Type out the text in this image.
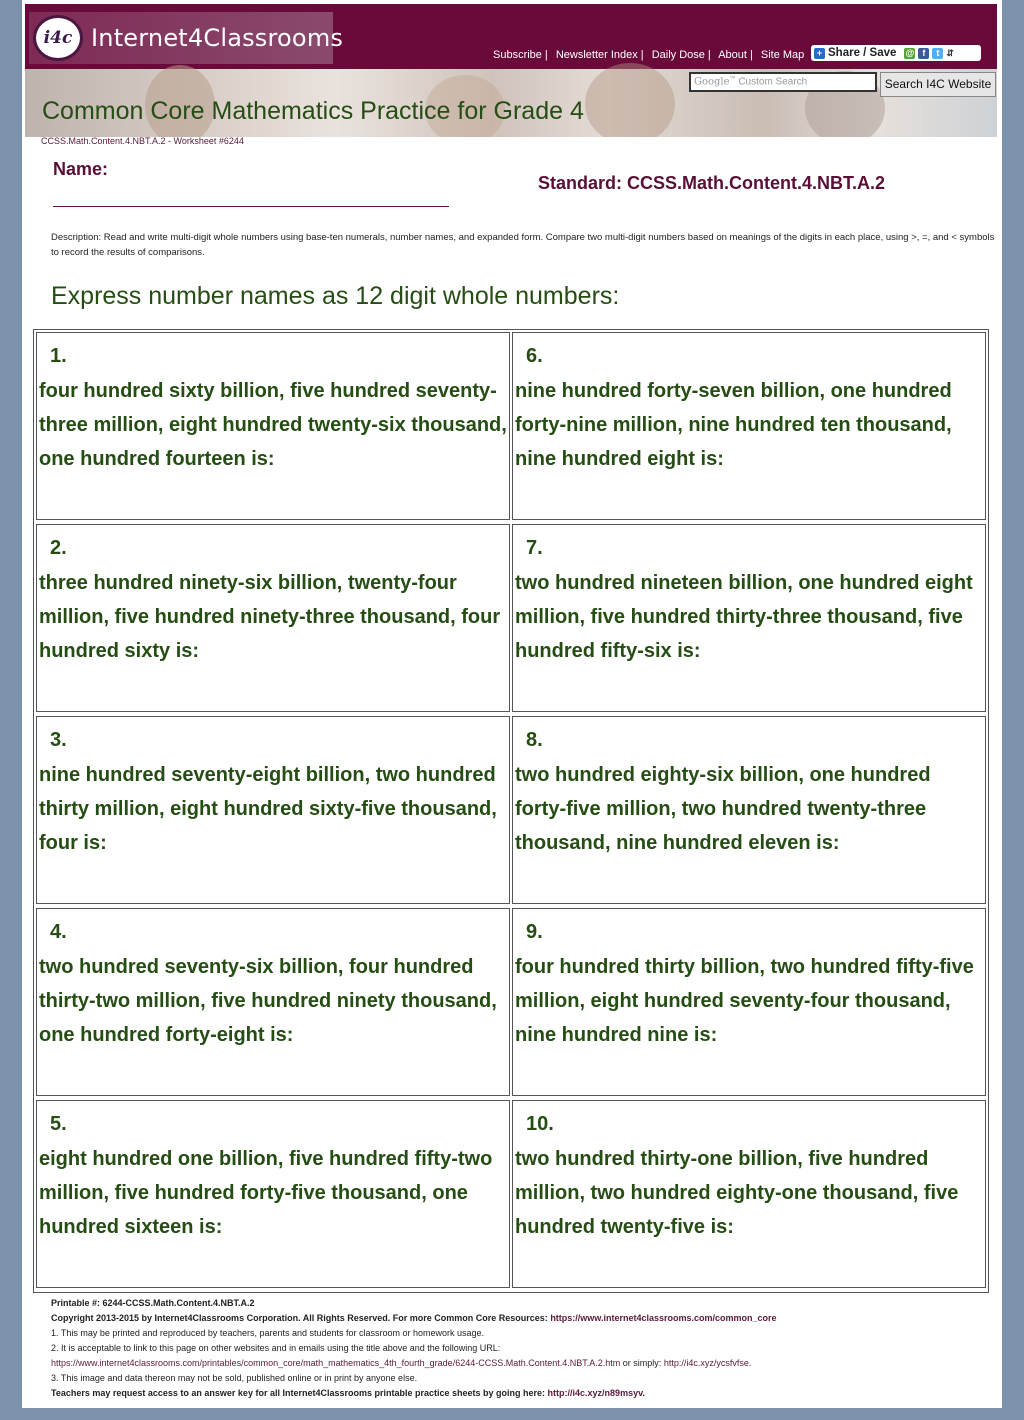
i4c Internet4Classrooms
Subscribe | Newsletter Index | Daily Dose | About | Site Map	+ Share / Save @ f	t ⇵
Google™ Custom Search	Search I4C Website
Common Core Mathematics Practice for Grade 4
CCSS.Math.Content.4.NBT.A.2 - Worksheet #6244
Name:
Standard: CCSS.Math.Content.4.NBT.A.2
Description: Read and write multi-digit whole numbers using base-ten numerals, number names, and expanded form. Compare two multi-digit numbers based on meanings of the digits in each place, using >, =, and < symbols to record the results of comparisons.
Express number names as 12 digit whole numbers:
1.
four hundred sixty billion, five hundred seventy-three million, eight hundred twenty-six thousand, one hundred fourteen is:
2.
three hundred ninety-six billion, twenty-four million, five hundred ninety-three thousand, four hundred sixty is:
3.
nine hundred seventy-eight billion, two hundred thirty million, eight hundred sixty-five thousand, four is:
4.
two hundred seventy-six billion, four hundred thirty-two million, five hundred ninety thousand, one hundred forty-eight is:
5.
eight hundred one billion, five hundred fifty-two million, five hundred forty-five thousand, one hundred sixteen is:
6.
nine hundred forty-seven billion, one hundred forty-nine million, nine hundred ten thousand, nine hundred eight is:
7.
two hundred nineteen billion, one hundred eight million, five hundred thirty-three thousand, five hundred fifty-six is:
8.
two hundred eighty-six billion, one hundred forty-five million, two hundred twenty-three thousand, nine hundred eleven is:
9.
four hundred thirty billion, two hundred fifty-five million, eight hundred seventy-four thousand, nine hundred nine is:
10.
two hundred thirty-one billion, five hundred million, two hundred eighty-one thousand, five hundred twenty-five is:
Printable #: 6244-CCSS.Math.Content.4.NBT.A.2
Copyright 2013-2015 by Internet4Classrooms Corporation. All Rights Reserved. For more Common Core Resources: https://www.internet4classrooms.com/common_core
1. This may be printed and reproduced by teachers, parents and students for classroom or homework usage.
2. It is acceptable to link to this page on other websites and in emails using the title above and the following URL:
https://www.internet4classrooms.com/printables/common_core/math_mathematics_4th_fourth_grade/6244-CCSS.Math.Content.4.NBT.A.2.htm or simply: http://i4c.xyz/ycsfvfse.
3. This image and data thereon may not be sold, published online or in print by anyone else.
Teachers may request access to an answer key for all Internet4Classrooms printable practice sheets by going here: http://i4c.xyz/n89msyv.
